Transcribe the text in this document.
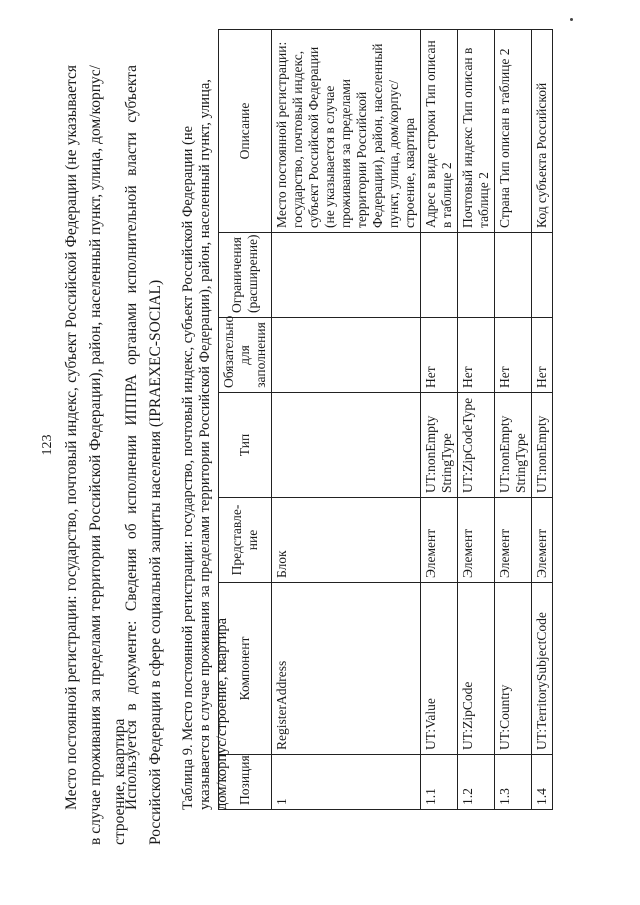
123 Место постоянной регистрации: государство, почтовый индекс, субъект Российской Федерации (не указывается в случае проживания за пределами территории Российской Федерации), район, населенный пункт, улица, дом/корпус/строение, квартира
Используется в документе: Сведения об исполнении ИППРА органами исполнительной власти субъекта Российской Федерации в сфере социальной защиты населения (IPRAEXEC-SOCIAL) Таблица 9. Место постоянной регистрации: государство, почтовый индекс, субъект Российской Федерации (не указывается в случае проживания за пределами территории Российской Федерации), район, населенный пункт, улица, дом/корпус/строение, квартира Позиция	Компонент	Представле-ние	Тип	Обязательно для заполнения	Ограничения (расширение)	Описание
1	RegisterAddress	Блок				Место постоянной регистрации: государство, почтовый индекс, субъект Российской Федерации (не указывается в случае проживания за пределами территории Российской Федерации), район, населенный пункт, улица, дом/корпус/строение, квартира
1.1	UT:Value	Элемент	UT:nonEmpty StringType	Нет		Адрес в виде строки Тип описан в таблице 2
1.2	UT:ZipCode	Элемент	UT:ZipCodeType	Нет		Почтовый индекс Тип описан в таблице 2
1.3	UT:Country	Элемент	UT:nonEmpty StringType	Нет		Страна Тип описан в таблице 2
1.4	UT:TerritorySubjectCode	Элемент	UT:nonEmpty	Нет		Код субъекта Российской
